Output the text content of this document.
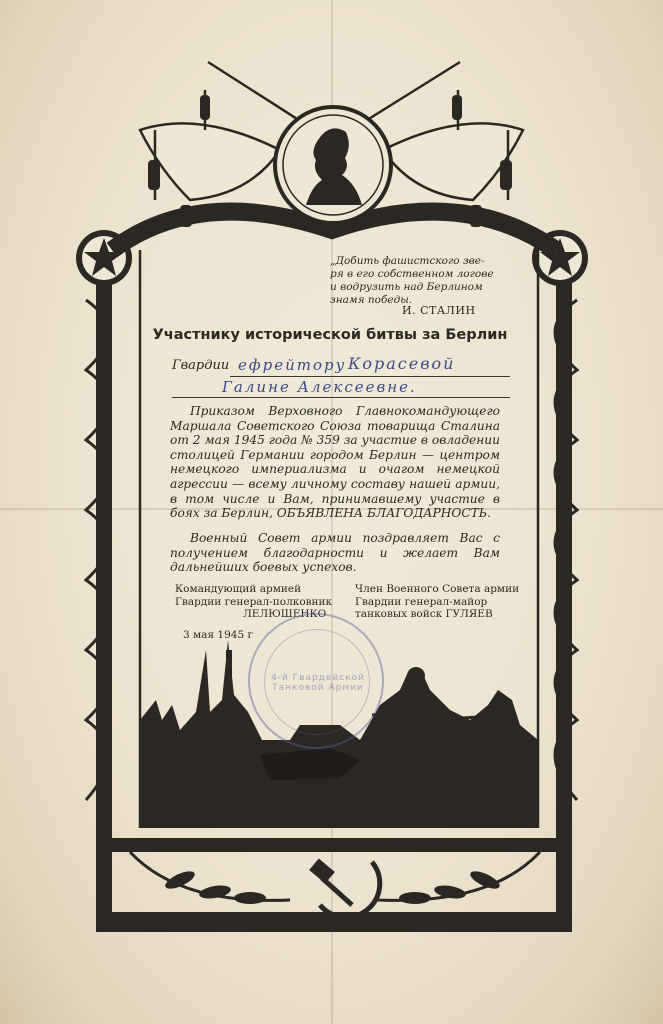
„Добить фашистского зве-
ря в его собственном логове
и водрузить над Берлином
знамя победы.
И. СТАЛИН
Участнику исторической битвы за Берлин
Гвардии ефрейтору Корасевой
Галине Алексеевне.
Приказом Верховного Главнокомандующего Маршала Советского Союза товарища Сталина от 2 мая 1945 года № 359 за участие в овладении столицей Германии городом Берлин — центром немецкого империализма и очагом немецкой агрессии — всему личному составу нашей армии, в том числе и Вам, принимавшему участие в боях за Берлин, ОБЪЯВЛЕНА БЛАГОДАРНОСТЬ.
Военный Совет армии поздравляет Вас с получением благодарности и желает Вам дальнейших боевых успехов.
Командующий армией
Гвардии генерал-полковник
ЛЕЛЮШЕНКО
Член Военного Совета армии
Гвардии генерал-майор
танковых войск ГУЛЯЕВ
3 мая 1945 г
4-й Гвардейской Танковой Армии
